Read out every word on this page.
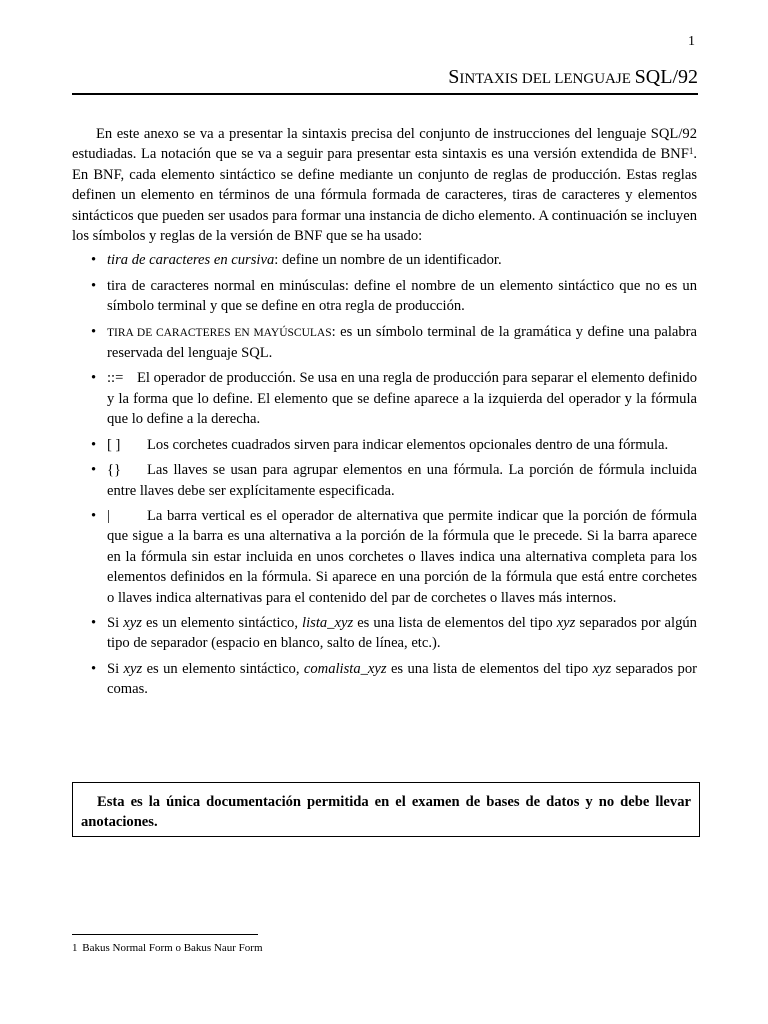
1
SINTAXIS DEL LENGUAJE SQL/92

En este anexo se va a presentar la sintaxis precisa del conjunto de instrucciones del lenguaje SQL/92 estudiadas. La notación que se va a seguir para presentar esta sintaxis es una versión extendida de BNF$^1$. En BNF, cada elemento sintáctico se define mediante un conjunto de reglas de producción. Estas reglas definen un elemento en términos de una fórmula formada de caracteres, tiras de caracteres y elementos sintácticos que pueden ser usados para formar una instancia de dicho elemento. A continuación se incluyen los símbolos y reglas de la versión de BNF que se ha usado:

• tira de caracteres en cursiva: define un nombre de un identificador.
• tira de caracteres normal en minúsculas: define el nombre de un elemento sintáctico que no es un símbolo terminal y que se define en otra regla de producción.
• TIRA DE CARACTERES EN MAYÚSCULAS: es un símbolo terminal de la gramática y define una palabra reservada del lenguaje SQL.
• ::= El operador de producción. Se usa en una regla de producción para separar el elemento definido y la forma que lo define. El elemento que se define aparece a la izquierda del operador y la fórmula que lo define a la derecha.
• [ ] Los corchetes cuadrados sirven para indicar elementos opcionales dentro de una fórmula.
• {} Las llaves se usan para agrupar elementos en una fórmula. La porción de fórmula incluida entre llaves debe ser explícitamente especificada.
• |	La barra vertical es el operador de alternativa que permite indicar que la porción de fórmula que sigue a la barra es una alternativa a la porción de la fórmula que le precede. Si la barra aparece en la fórmula sin estar incluida en unos corchetes o llaves indica una alternativa completa para los elementos definidos en la fórmula. Si aparece en una porción de la fórmula que está entre corchetes o llaves indica alternativas para el contenido del par de corchetes o llaves más internos.
• Si xyz es un elemento sintáctico, lista_xyz es una lista de elementos del tipo xyz separados por algún tipo de separador (espacio en blanco, salto de línea, etc.).
• Si xyz es un elemento sintáctico, comalista_xyz es una lista de elementos del tipo xyz separados por comas.

Esta es la única documentación permitida en el examen de bases de datos y no debe llevar anotaciones.

1 Bakus Normal Form o Bakus Naur Form
